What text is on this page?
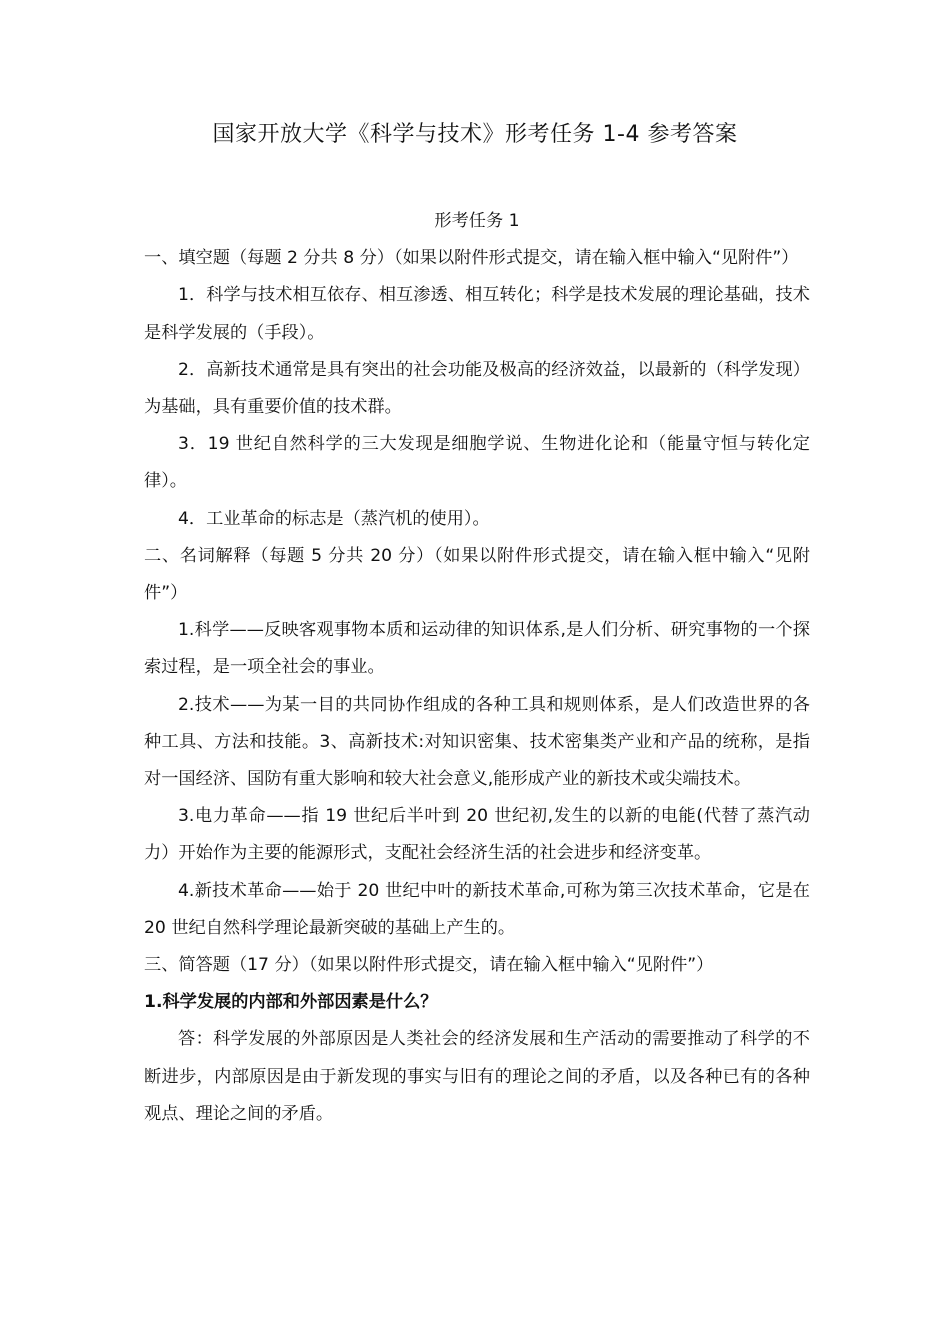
国家开放大学《科学与技术》形考任务 1-4 参考答案

形考任务 1

一、填空题（每题 2 分共 8 分）（如果以附件形式提交，请在输入框中输入“见附件”）

1．科学与技术相互依存、相互渗透、相互转化；科学是技术发展的理论基础，技术是科学发展的（手段）。

2．高新技术通常是具有突出的社会功能及极高的经济效益，以最新的（科学发现）为基础，具有重要价值的技术群。

3．19 世纪自然科学的三大发现是细胞学说、生物进化论和（能量守恒与转化定律）。

4．工业革命的标志是（蒸汽机的使用）。

二、名词解释（每题 5 分共 20 分）（如果以附件形式提交，请在输入框中输入“见附件”）

1.科学——反映客观事物本质和运动律的知识体系,是人们分析、研究事物的一个探索过程，是一项全社会的事业。

2.技术——为某一目的共同协作组成的各种工具和规则体系，是人们改造世界的各种工具、方法和技能。3、高新技术:对知识密集、技术密集类产业和产品的统称，是指对一国经济、国防有重大影响和较大社会意义,能形成产业的新技术或尖端技术。

3.电力革命——指 19 世纪后半叶到 20 世纪初,发生的以新的电能(代替了蒸汽动力）开始作为主要的能源形式，支配社会经济生活的社会进步和经济变革。

4.新技术革命——始于 20 世纪中叶的新技术革命,可称为第三次技术革命，它是在 20 世纪自然科学理论最新突破的基础上产生的。

三、简答题（17 分）（如果以附件形式提交，请在输入框中输入“见附件”）

1.科学发展的内部和外部因素是什么？

答：科学发展的外部原因是人类社会的经济发展和生产活动的需要推动了科学的不断进步，内部原因是由于新发现的事实与旧有的理论之间的矛盾，以及各种已有的各种观点、理论之间的矛盾。
